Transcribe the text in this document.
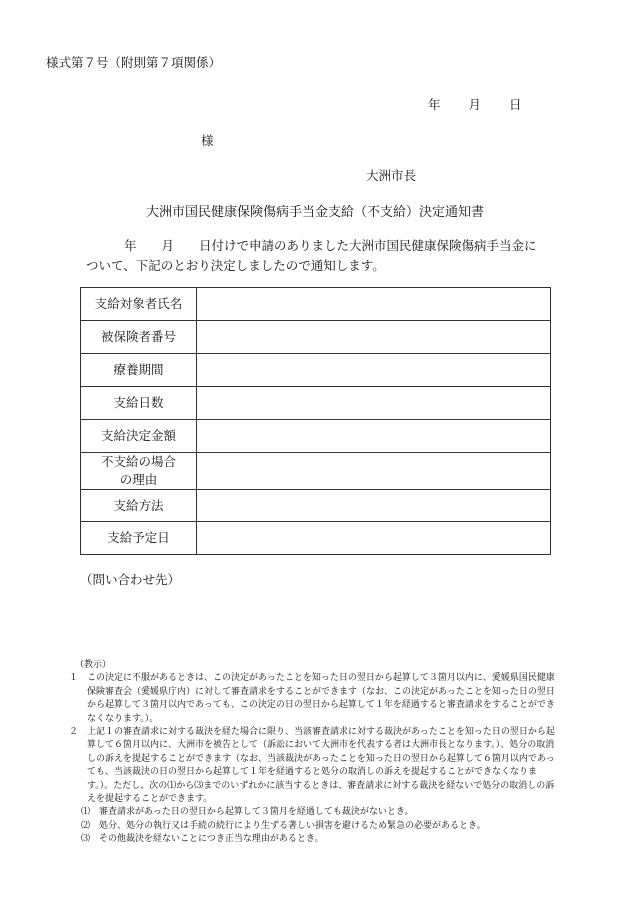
様式第７号（附則第７項関係）
年 月 日
様
大洲市長
大洲市国民健康保険傷病手当金支給（不支給）決定通知書
年　　月　　日付けで申請のありました大洲市国民健康保険傷病手当金に
ついて、下記のとおり決定しましたので通知します。
支給対象者氏名	
被保険者番号	
療養期間	
支給日数	
支給決定金額	
不支給の場合
の理由	
支給方法	
支給予定日	
（問い合わせ先）

（教示）

１ この決定に不服があるときは、この決定があったことを知った日の翌日から起算して３箇月以内に、愛媛県国民健康保険審査会（愛媛県庁内）に対して審査請求をすることができます（なお、この決定があったことを知った日の翌日から起算して３箇月以内であっても、この決定の日の翌日から起算して１年を経過すると審査請求をすることができなくなります。）。

２ 上記１の審査請求に対する裁決を経た場合に限り、当該審査請求に対する裁決があったことを知った日の翌日から起算して６箇月以内に、大洲市を被告として（訴訟において大洲市を代表する者は大洲市長となります。）、処分の取消しの訴えを提起することができます（なお、当該裁決があったことを知った日の翌日から起算して６箇月以内であっても、当該裁決の日の翌日から起算して１年を経過すると処分の取消しの訴えを提起することができなくなります。）。ただし、次の⑴から⑶までのいずれかに該当するときは、審査請求に対する裁決を経ないで処分の取消しの訴えを提起することができます。

⑴ 審査請求があった日の翌日から起算して３箇月を経過しても裁決がないとき。

⑵ 処分、処分の執行又は手続の続行により生ずる著しい損害を避けるため緊急の必要があるとき。

⑶ その他裁決を経ないことにつき正当な理由があるとき。
